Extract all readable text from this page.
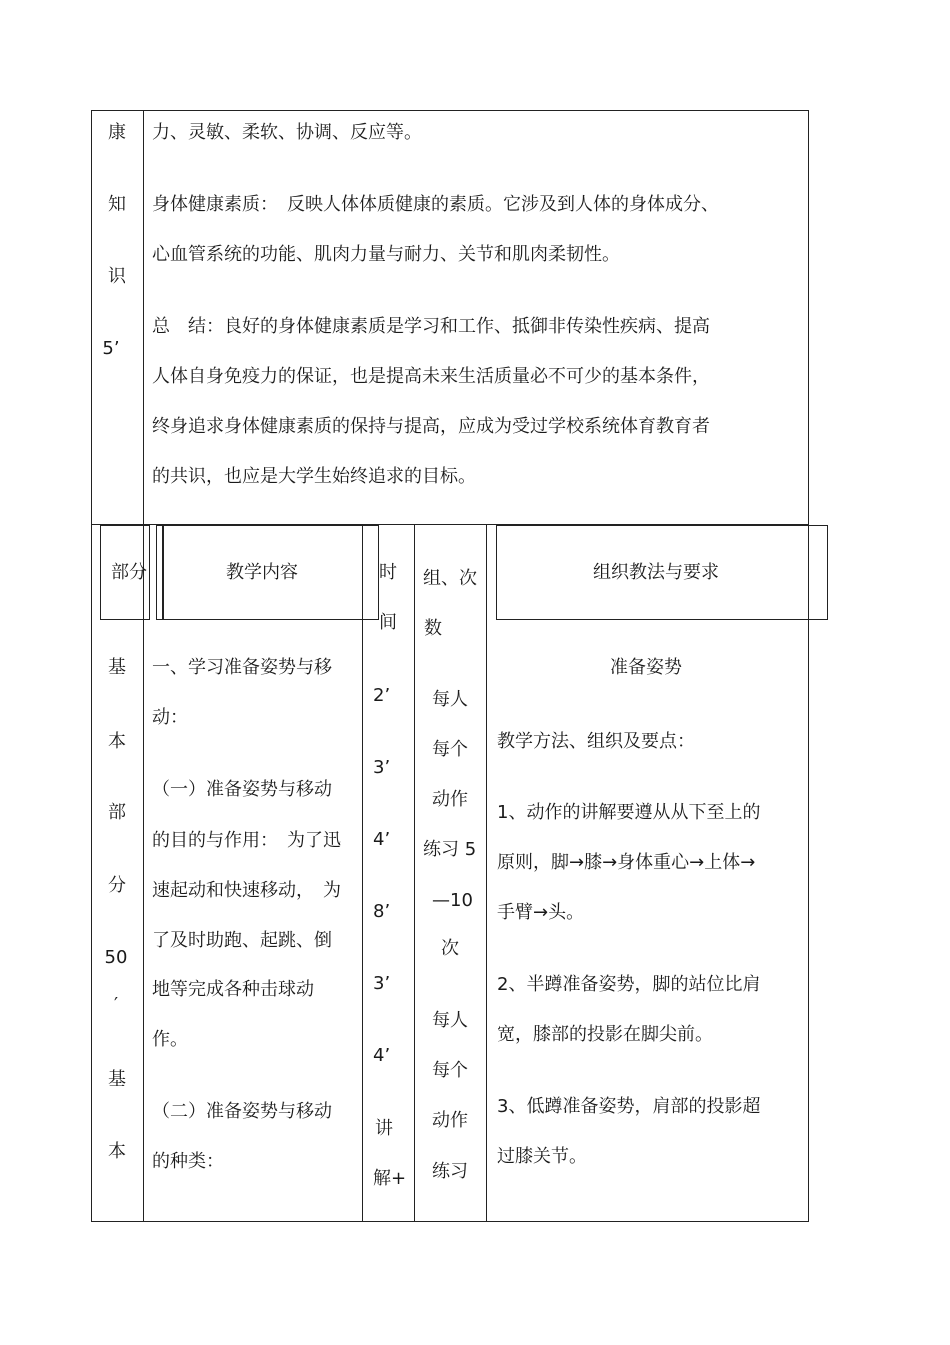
康
知
识
5’
力、灵敏、柔软、协调、反应等。
身体健康素质：　反映人体体质健康的素质。它涉及到人体的身体成分、
心血管系统的功能、肌肉力量与耐力、关节和肌肉柔韧性。
总　结：良好的身体健康素质是学习和工作、抵御非传染性疾病、提高
人体自身免疫力的保证，也是提高未来生活质量必不可少的基本条件，
终身追求身体健康素质的保持与提高，应成为受过学校系统体育教育者
的共识，也应是大学生始终追求的目标。
部分	教学内容	时
间
组、次
数
组织教法与要求
基
本
部
分
50
′
基
本
一、学习准备姿势与移
动：
（一）准备姿势与移动
的目的与作用：　为了迅
速起动和快速移动，　为
了及时助跑、起跳、倒
地等完成各种击球动
作。
（二）准备姿势与移动
的种类：
2’
3’
4’
8’
3’
4’
讲
解+
每人
每个
动作
练习 5
—10
次
每人
每个
动作
练习
准备姿势
教学方法、组织及要点：
1、动作的讲解要遵从从下至上的
原则，脚→膝→身体重心→上体→
手臂→头。
2、半蹲准备姿势，脚的站位比肩
宽，膝部的投影在脚尖前。
3、低蹲准备姿势，肩部的投影超
过膝关节。
